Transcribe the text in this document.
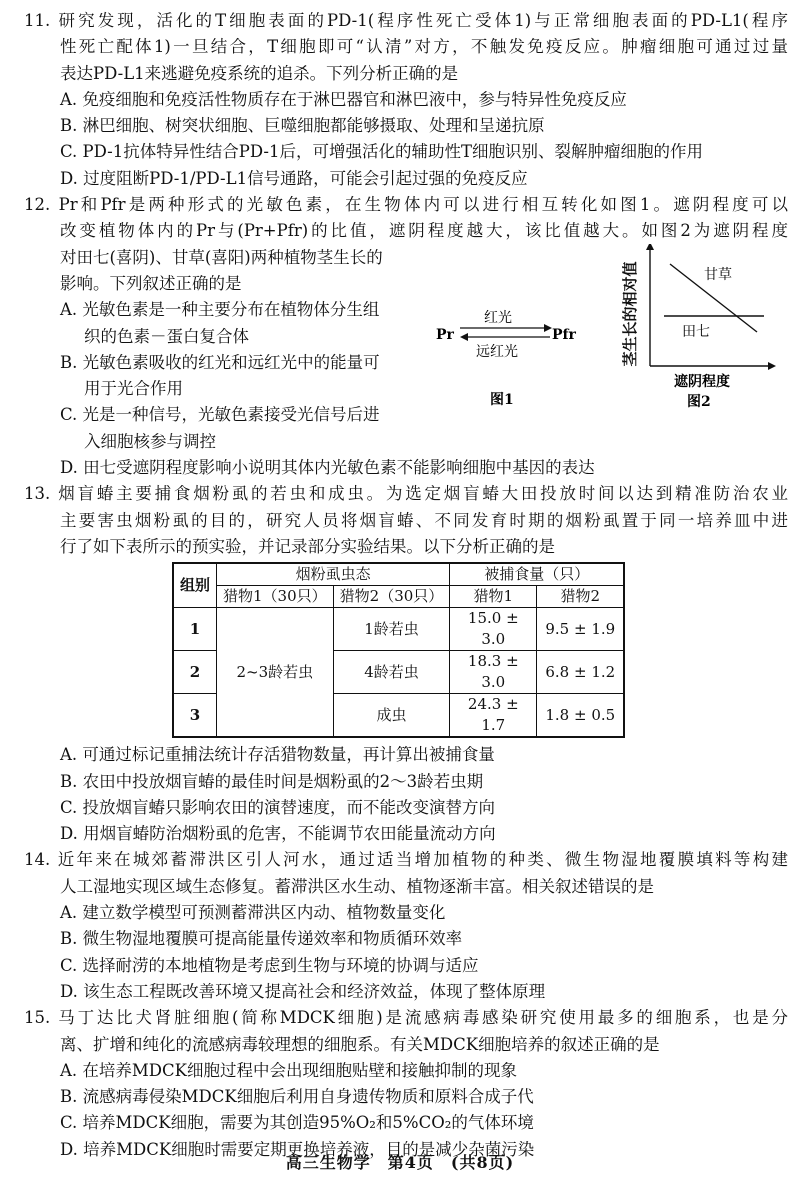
11. 研究发现，活化的T细胞表面的PD-1(程序性死亡受体1)与正常细胞表面的PD-L1(程序
性死亡配体1)一旦结合，T细胞即可“认清”对方，不触发免疫反应。肿瘤细胞可通过过量
表达PD-L1来逃避免疫系统的追杀。下列分析正确的是
A. 免疫细胞和免疫活性物质存在于淋巴器官和淋巴液中，参与特异性免疫反应
B. 淋巴细胞、树突状细胞、巨噬细胞都能够摄取、处理和呈递抗原
C. PD-1抗体特异性结合PD-1后，可增强活化的辅助性T细胞识别、裂解肿瘤细胞的作用
D. 过度阻断PD-1/PD-L1信号通路，可能会引起过强的免疫反应
12. Pr和Pfr是两种形式的光敏色素，在生物体内可以进行相互转化如图1。遮阴程度可以
改变植物体内的Pr与(Pr+Pfr)的比值，遮阴程度越大，该比值越大。如图2为遮阴程度
对田七(喜阴)、甘草(喜阳)两种植物茎生长的
影响。下列叙述正确的是
A. 光敏色素是一种主要分布在植物体分生组
织的色素－蛋白复合体
B. 光敏色素吸收的红光和远红光中的能量可
用于光合作用
C. 光是一种信号，光敏色素接受光信号后进
入细胞核参与调控
D. 田七受遮阴程度影响小说明其体内光敏色素不能影响细胞中基因的表达
Pr	Pfr
红光
远红光
图1
甘草
田七
遮阴程度
图2
茎生长的相对值
13. 烟盲蝽主要捕食烟粉虱的若虫和成虫。为选定烟盲蝽大田投放时间以达到精准防治农业
主要害虫烟粉虱的目的，研究人员将烟盲蝽、不同发育时期的烟粉虱置于同一培养皿中进
行了如下表所示的预实验，并记录部分实验结果。以下分析正确的是
组别	烟粉虱虫态		被捕食量（只）	
	猎物1（30只）	猎物2（30只）	猎物1	猎物2
1	2~3龄若虫	1龄若虫	15.0 ± 3.0	9.5 ± 1.9
2		4龄若虫	18.3 ± 3.0	6.8 ± 1.2
3		成虫	24.3 ± 1.7	1.8 ± 0.5
A. 可通过标记重捕法统计存活猎物数量，再计算出被捕食量
B. 农田中投放烟盲蝽的最佳时间是烟粉虱的2～3龄若虫期
C. 投放烟盲蝽只影响农田的演替速度，而不能改变演替方向
D. 用烟盲蝽防治烟粉虱的危害，不能调节农田能量流动方向
14. 近年来在城郊蓄滞洪区引人河水，通过适当增加植物的种类、微生物湿地覆膜填料等构建
人工湿地实现区域生态修复。蓄滞洪区水生动、植物逐渐丰富。相关叙述错误的是
A. 建立数学模型可预测蓄滞洪区内动、植物数量变化
B. 微生物湿地覆膜可提高能量传递效率和物质循环效率
C. 选择耐涝的本地植物是考虑到生物与环境的协调与适应
D. 该生态工程既改善环境又提高社会和经济效益，体现了整体原理
15. 马丁达比犬肾脏细胞(简称MDCK细胞)是流感病毒感染研究使用最多的细胞系，也是分
离、扩增和纯化的流感病毒较理想的细胞系。有关MDCK细胞培养的叙述正确的是
A. 在培养MDCK细胞过程中会出现细胞贴壁和接触抑制的现象
B. 流感病毒侵染MDCK细胞后利用自身遗传物质和原料合成子代
C. 培养MDCK细胞，需要为其创造95%O₂和5%CO₂的气体环境
D. 培养MDCK细胞时需要定期更换培养液，目的是减少杂菌污染
高三生物学　第4页　(共8页)
